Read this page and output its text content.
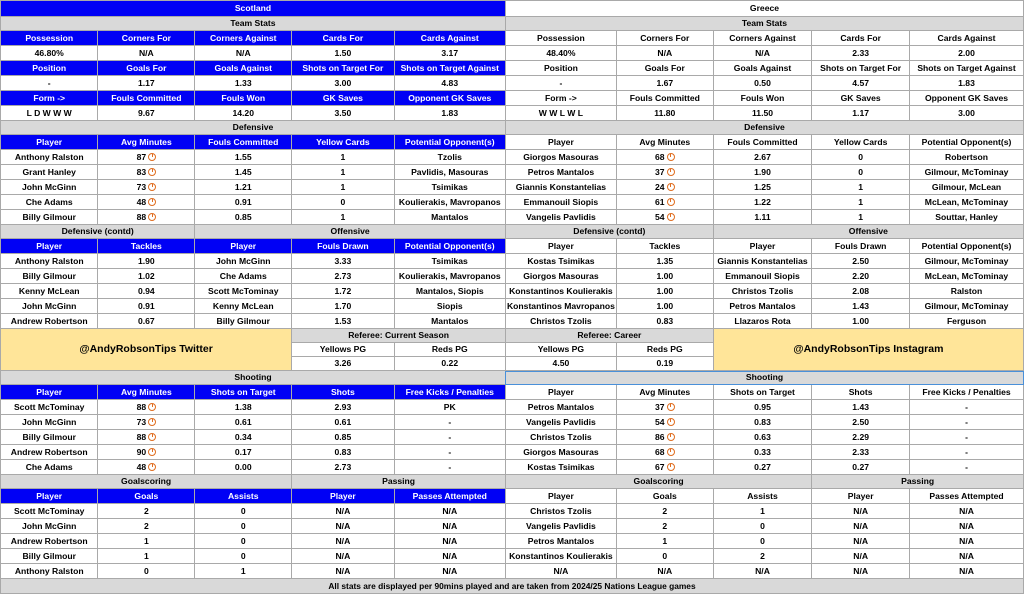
Scotland					Greece				
Team Stats					Team Stats				
Possession	Corners For	Corners Against	Cards For	Cards Against	Possession	Corners For	Corners Against	Cards For	Cards Against
46.80%	N/A	N/A	1.50	3.17	48.40%	N/A	N/A	2.33	2.00
Position	Goals For	Goals Against	Shots on Target For	Shots on Target Against	Position	Goals For	Goals Against	Shots on Target For	Shots on Target Against
-	1.17	1.33	3.00	4.83	-	1.67	0.50	4.57	1.83
Form ->	Fouls Committed	Fouls Won	GK Saves	Opponent GK Saves	Form ->	Fouls Committed	Fouls Won	GK Saves	Opponent GK Saves
L D W W W	9.67	14.20	3.50	1.83	W W L W L	11.80	11.50	1.17	3.00
Defensive					Defensive				
Player	Avg Minutes	Fouls Committed	Yellow Cards	Potential Opponent(s)	Player	Avg Minutes	Fouls Committed	Yellow Cards	Potential Opponent(s)
Anthony Ralston	87	1.55	1	Tzolis	Giorgos Masouras	68	2.67	0	Robertson
Grant Hanley	83	1.45	1	Pavlidis, Masouras	Petros Mantalos	37	1.90	0	Gilmour, McTominay
John McGinn	73	1.21	1	Tsimikas	Giannis Konstantelias	24	1.25	1	Gilmour, McLean
Che Adams	48	0.91	0	Koulierakis, Mavropanos	Emmanouil Siopis	61	1.22	1	McLean, McTominay
Billy Gilmour	88	0.85	1	Mantalos	Vangelis Pavlidis	54	1.11	1	Souttar, Hanley
Defensive (contd)		Offensive			Defensive (contd)		Offensive		
Player	Tackles	Player	Fouls Drawn	Potential Opponent(s)	Player	Tackles	Player	Fouls Drawn	Potential Opponent(s)
Anthony Ralston	1.90	John McGinn	3.33	Tsimikas	Kostas Tsimikas	1.35	Giannis Konstantelias	2.50	Gilmour, McTominay
Billy Gilmour	1.02	Che Adams	2.73	Koulierakis, Mavropanos	Giorgos Masouras	1.00	Emmanouil Siopis	2.20	McLean, McTominay
Kenny McLean	0.94	Scott McTominay	1.72	Mantalos, Siopis	Konstantinos Koulierakis	1.00	Christos Tzolis	2.08	Ralston
John McGinn	0.91	Kenny McLean	1.70	Siopis	Konstantinos Mavropanos	1.00	Petros Mantalos	1.43	Gilmour, McTominay
Andrew Robertson	0.67	Billy Gilmour	1.53	Mantalos	Christos Tzolis	0.83	Llazaros Rota	1.00	Ferguson
@AndyRobsonTips Twitter			Referee: Current Season		Referee: Career		@AndyRobsonTips Instagram		
			Yellows PG	Reds PG	Yellows PG	Reds PG			
			3.26	0.22	4.50	0.19			
Shooting					Shooting				
Player	Avg Minutes	Shots on Target	Shots	Free Kicks / Penalties	Player	Avg Minutes	Shots on Target	Shots	Free Kicks / Penalties
Scott McTominay	88	1.38	2.93	PK	Petros Mantalos	37	0.95	1.43	-
John McGinn	73	0.61	0.61	-	Vangelis Pavlidis	54	0.83	2.50	-
Billy Gilmour	88	0.34	0.85	-	Christos Tzolis	86	0.63	2.29	-
Andrew Robertson	90	0.17	0.83	-	Giorgos Masouras	68	0.33	2.33	-
Che Adams	48	0.00	2.73	-	Kostas Tsimikas	67	0.27	0.27	-
Goalscoring			Passing		Goalscoring			Passing	
Player	Goals	Assists	Player	Passes Attempted	Player	Goals	Assists	Player	Passes Attempted
Scott McTominay	2	0	N/A	N/A	Christos Tzolis	2	1	N/A	N/A
John McGinn	2	0	N/A	N/A	Vangelis Pavlidis	2	0	N/A	N/A
Andrew Robertson	1	0	N/A	N/A	Petros Mantalos	1	0	N/A	N/A
Billy Gilmour	1	0	N/A	N/A	Konstantinos Koulierakis	0	2	N/A	N/A
Anthony Ralston	0	1	N/A	N/A	N/A	N/A	N/A	N/A	N/A
All stats are displayed per 90mins played and are taken from 2024/25 Nations League games									
